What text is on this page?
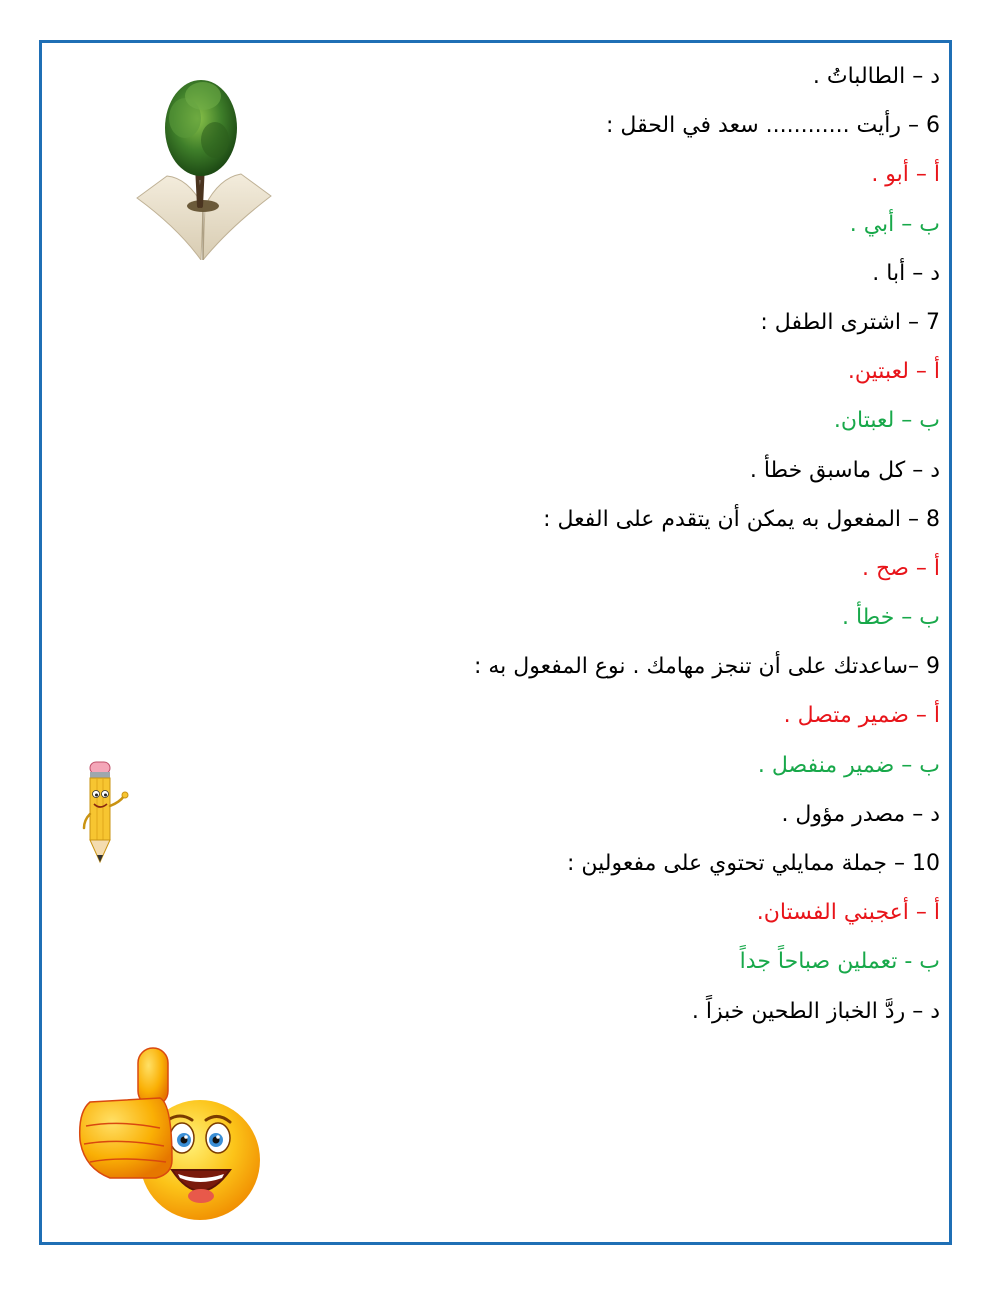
د – الطالباتُ .
6 – رأيت ............ سعد في الحقل :
أ – أبو .
ب – أبي .
د – أبا .
7 – اشترى الطفل :
أ – لعبتين.
ب – لعبتان.
د – كل ماسبق خطأ .
8 – المفعول به يمكن أن يتقدم على الفعل :
أ – صح .
ب – خطأ .
9 –ساعدتك على أن تنجز مهامك . نوع المفعول به :
أ – ضمير متصل .
ب – ضمير منفصل .
د – مصدر مؤول .
10 – جملة ممايلي تحتوي على مفعولين :
أ – أعجبني الفستان.
ب - تعملين صباحاً جداً
د – ردَّ الخباز الطحين خبزاً .
